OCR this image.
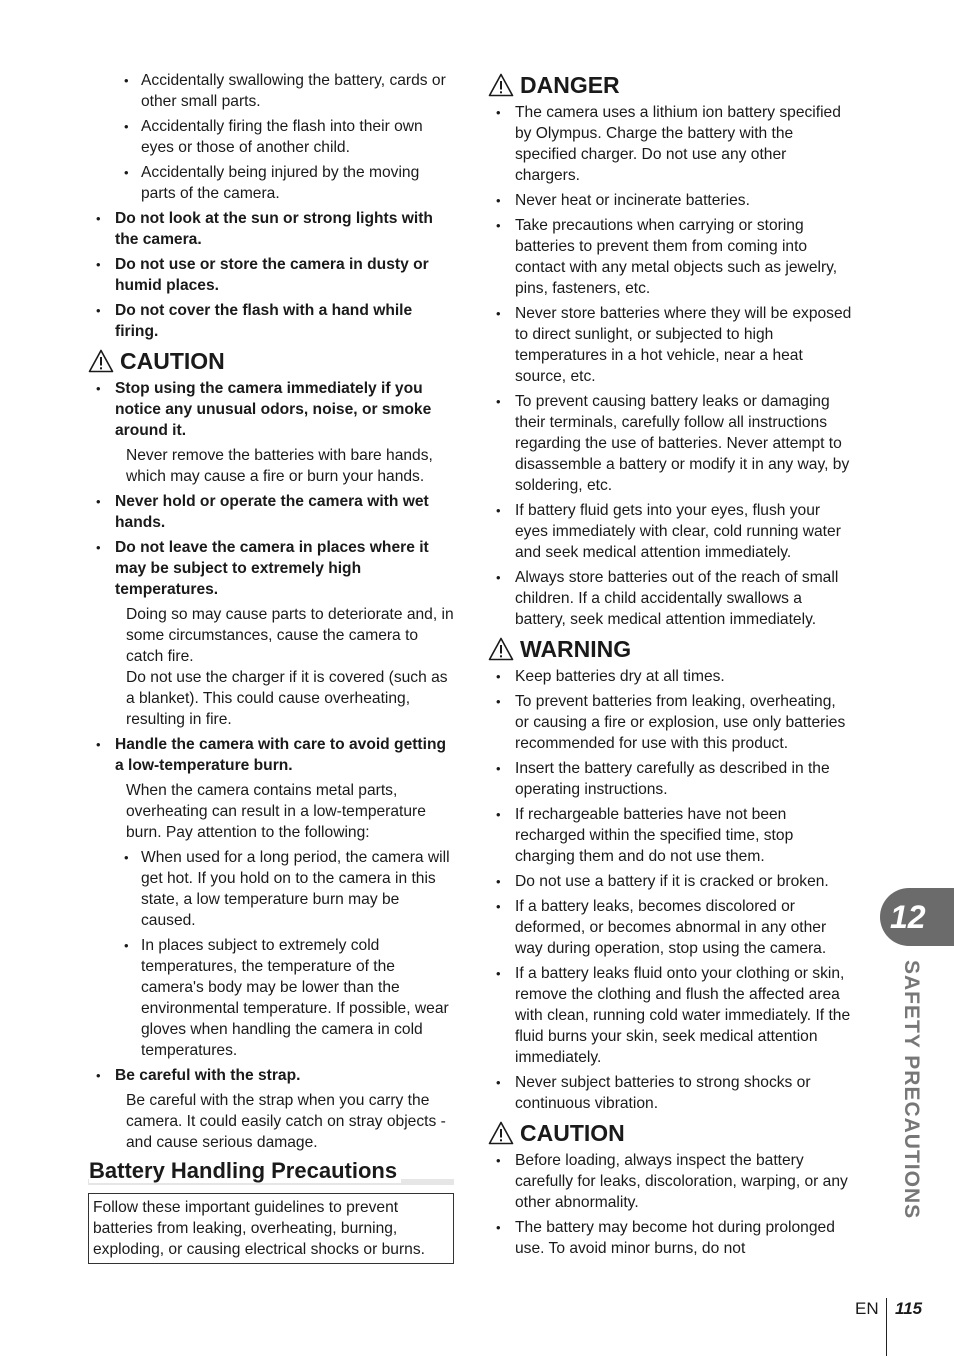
• Accidentally swallowing the battery, cards or other small parts.
• Accidentally firing the flash into their own eyes or those of another child.
• Accidentally being injured by the moving parts of the camera.
• Do not look at the sun or strong lights with the camera.
• Do not use or store the camera in dusty or humid places.
• Do not cover the flash with a hand while firing.
CAUTION
• Stop using the camera immediately if you notice any unusual odors, noise, or smoke around it.
Never remove the batteries with bare hands, which may cause a fire or burn your hands.
• Never hold or operate the camera with wet hands.
• Do not leave the camera in places where it may be subject to extremely high temperatures.
Doing so may cause parts to deteriorate and, in some circumstances, cause the camera to catch fire.
Do not use the charger if it is covered (such as a blanket). This could cause overheating, resulting in fire.
• Handle the camera with care to avoid getting a low-temperature burn.
When the camera contains metal parts, overheating can result in a low-temperature burn. Pay attention to the following:
• When used for a long period, the camera will get hot. If you hold on to the camera in this state, a low temperature burn may be caused.
• In places subject to extremely cold temperatures, the temperature of the camera's body may be lower than the environmental temperature. If possible, wear gloves when handling the camera in cold temperatures.
• Be careful with the strap.
Be careful with the strap when you carry the camera. It could easily catch on stray objects - and cause serious damage.
Battery Handling Precautions
Follow these important guidelines to prevent batteries from leaking, overheating, burning, exploding, or causing electrical shocks or burns.
DANGER
• The camera uses a lithium ion battery specified by Olympus. Charge the battery with the specified charger. Do not use any other chargers.
• Never heat or incinerate batteries.
• Take precautions when carrying or storing batteries to prevent them from coming into contact with any metal objects such as jewelry, pins, fasteners, etc.
• Never store batteries where they will be exposed to direct sunlight, or subjected to high temperatures in a hot vehicle, near a heat source, etc.
• To prevent causing battery leaks or damaging their terminals, carefully follow all instructions regarding the use of batteries. Never attempt to disassemble a battery or modify it in any way, by soldering, etc.
• If battery fluid gets into your eyes, flush your eyes immediately with clear, cold running water and seek medical attention immediately.
• Always store batteries out of the reach of small children. If a child accidentally swallows a battery, seek medical attention immediately.
WARNING
• Keep batteries dry at all times.
• To prevent batteries from leaking, overheating, or causing a fire or explosion, use only batteries recommended for use with this product.
• Insert the battery carefully as described in the operating instructions.
• If rechargeable batteries have not been recharged within the specified time, stop charging them and do not use them.
• Do not use a battery if it is cracked or broken.
• If a battery leaks, becomes discolored or deformed, or becomes abnormal in any other way during operation, stop using the camera.
• If a battery leaks fluid onto your clothing or skin, remove the clothing and flush the affected area with clean, running cold water immediately. If the fluid burns your skin, seek medical attention immediately.
• Never subject batteries to strong shocks or continuous vibration.
CAUTION
• Before loading, always inspect the battery carefully for leaks, discoloration, warping, or any other abnormality.
• The battery may become hot during prolonged use. To avoid minor burns, do not
12
SAFETY PRECAUTIONS
EN 115
